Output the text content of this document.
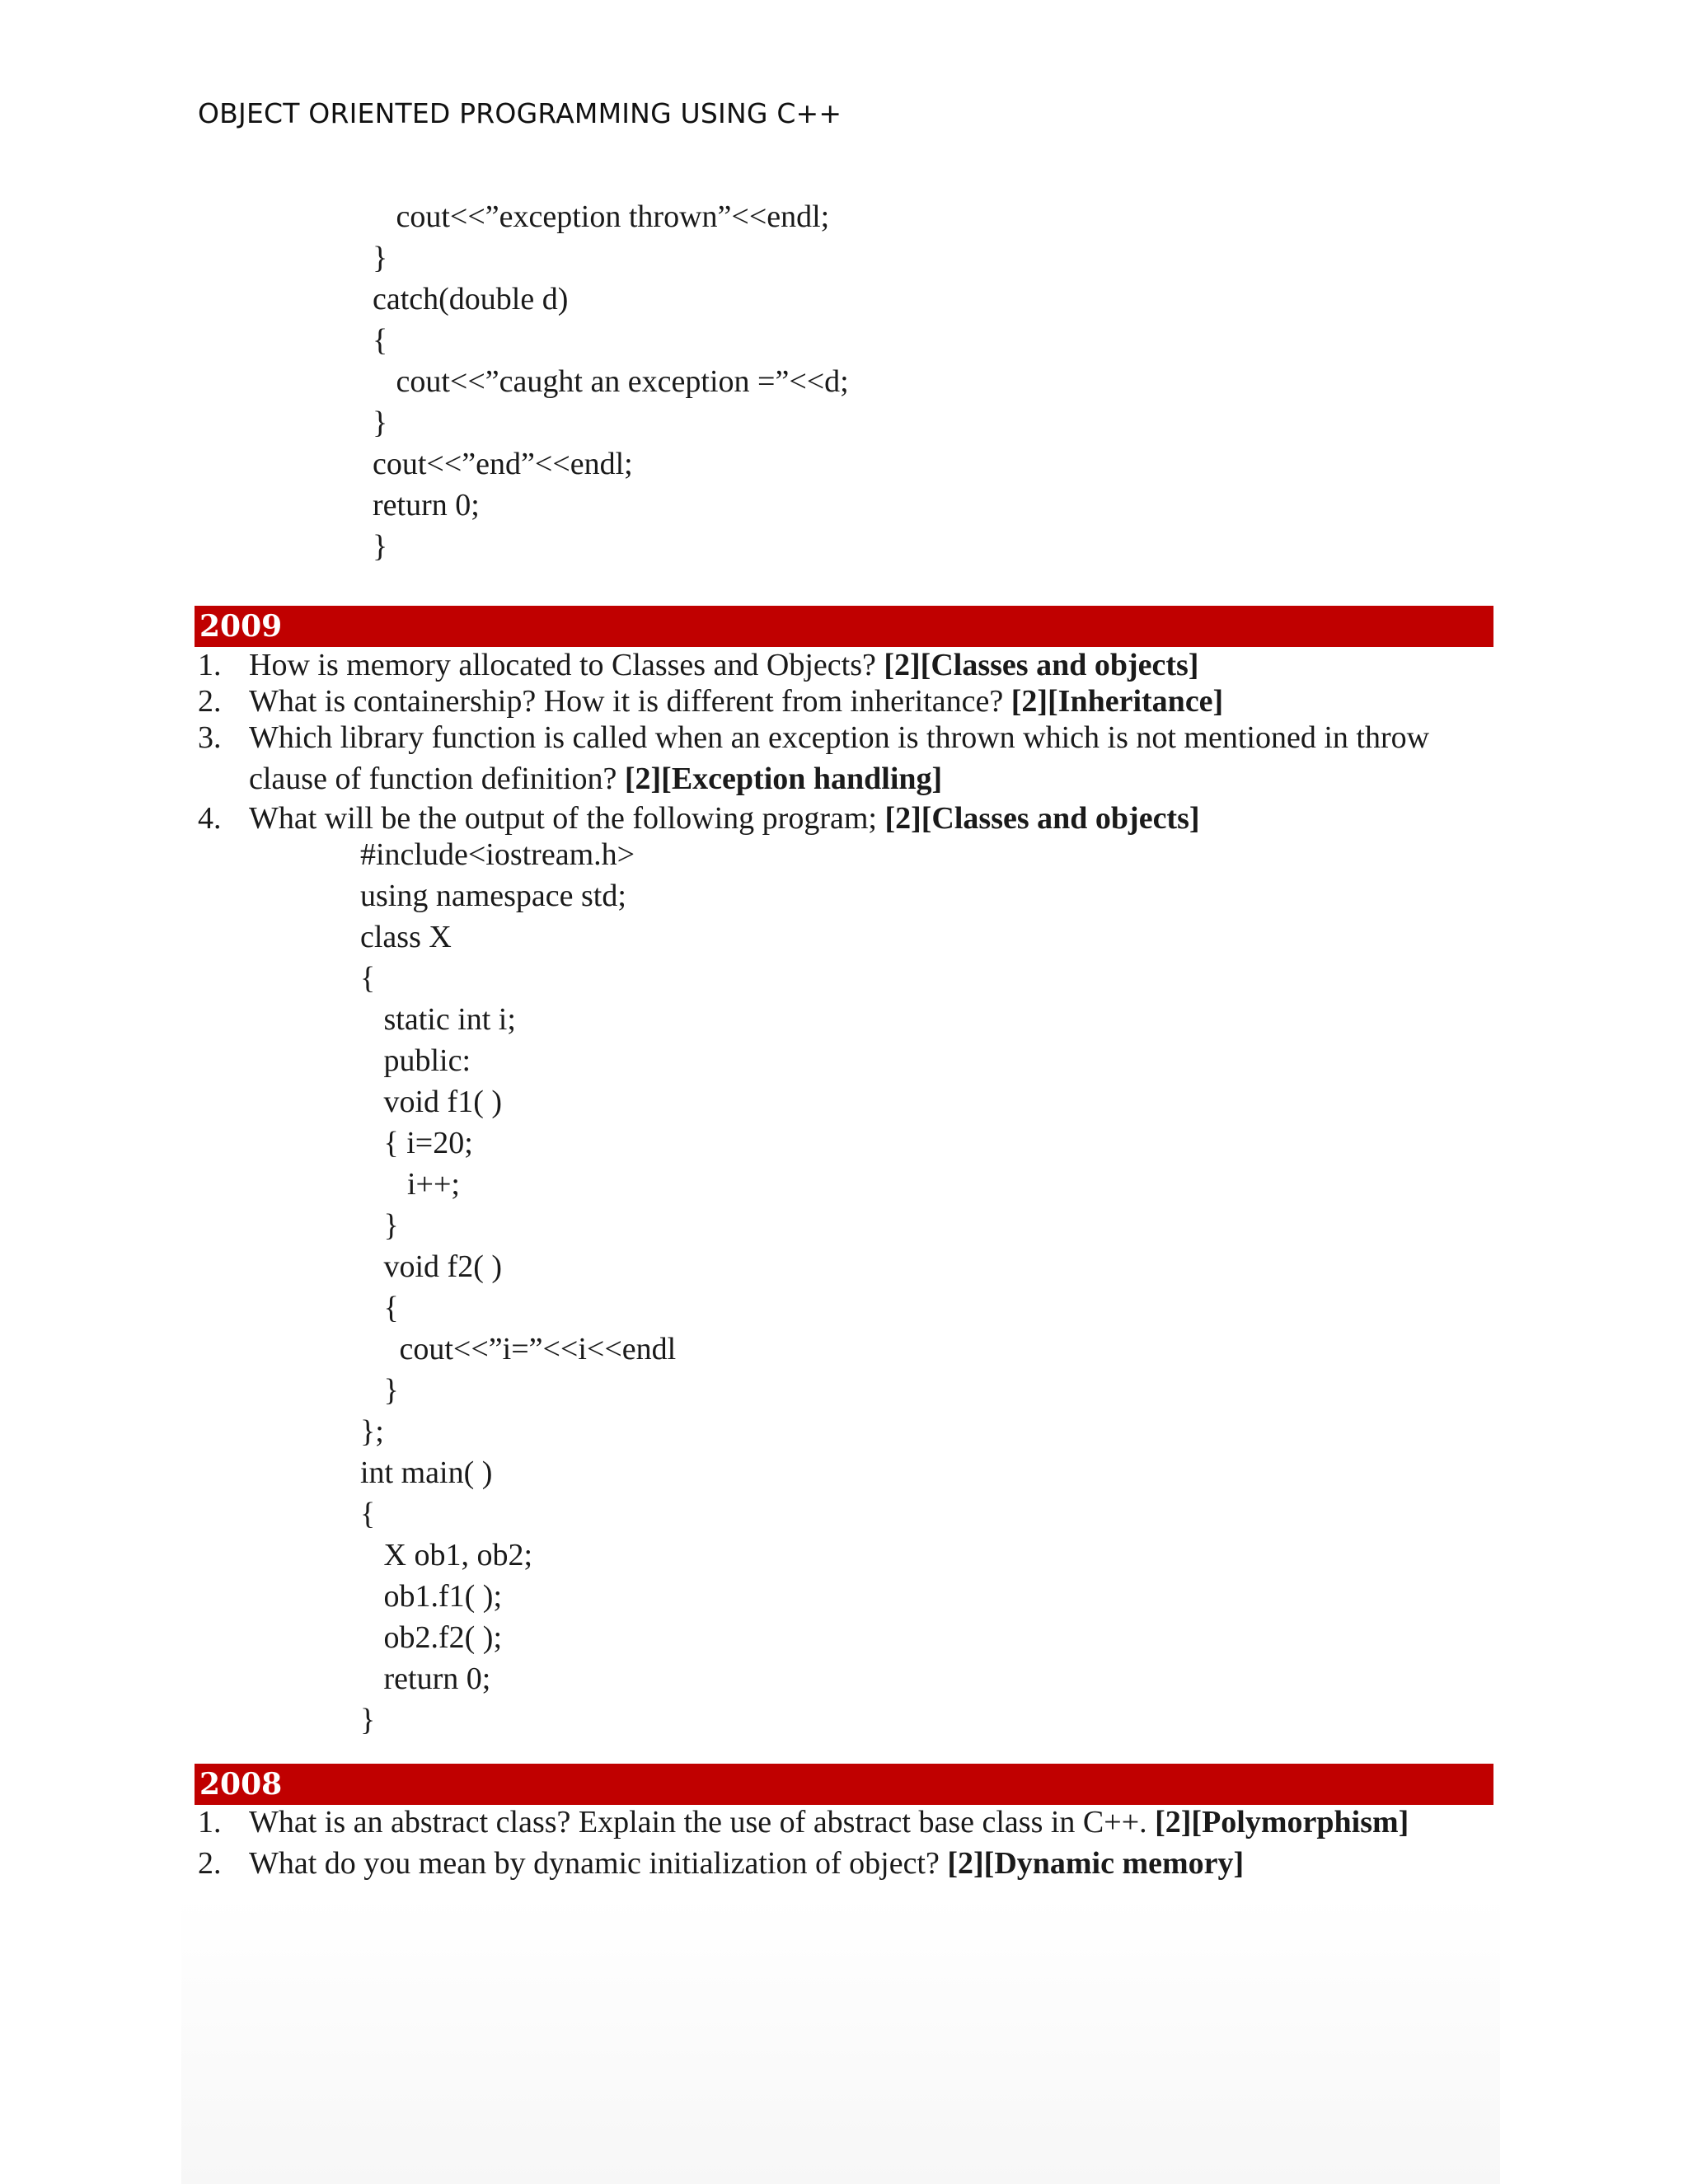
OBJECT ORIENTED PROGRAMMING USING C++
cout<<”exception thrown”<<endl;
}
catch(double d)
{
cout<<”caught an exception =”<<d;
}
cout<<”end”<<endl;
return 0;
}
2009
1. How is memory allocated to Classes and Objects? [2][Classes and objects]
2. What is containership? How it is different from inheritance? [2][Inheritance]
3. Which library function is called when an exception is thrown which is not mentioned in throw clause of function definition? [2][Exception handling]
4. What will be the output of the following program; [2][Classes and objects]
#include<iostream.h>
using namespace std;
class X
{
static int i;
public:
void f1( )
{ i=20;
i++;
}
void f2( )
{
cout<<”i=”<<i<<endl
}
};
int main( )
{
X ob1, ob2;
ob1.f1( );
ob2.f2( );
return 0;
}
2008
1. What is an abstract class? Explain the use of abstract base class in C++. [2][Polymorphism]
2. What do you mean by dynamic initialization of object? [2][Dynamic memory]
